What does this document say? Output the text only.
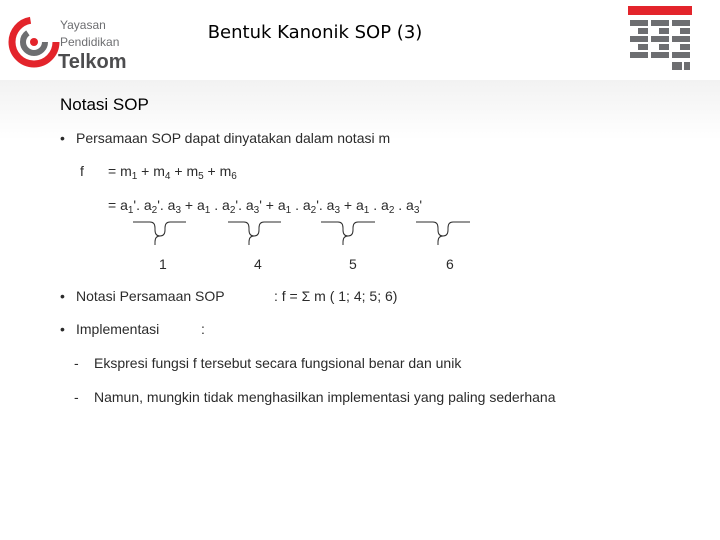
Yayasan
Pendidikan
Telkom
Bentuk Kanonik SOP (3)
Notasi SOP
• Persamaan SOP dapat dinyatakan dalam notasi m
$f = m_1 + m_4 + m_5 + m_6$
= $a_1'$. $a_2'$. $a_3 + a_1$ . $a_2'$. $a_3' + a_1$ . $a_2'$. $a_3 + a_1$ . $a_2$ . $a_3'$
1	4	5	6
• Notasi Persamaan SOP	: f = Σ m ( 1; 4; 5; 6)
• Implementasi	:
- Ekspresi fungsi f tersebut secara fungsional benar dan unik
- Namun, mungkin tidak menghasilkan implementasi yang paling sederhana
